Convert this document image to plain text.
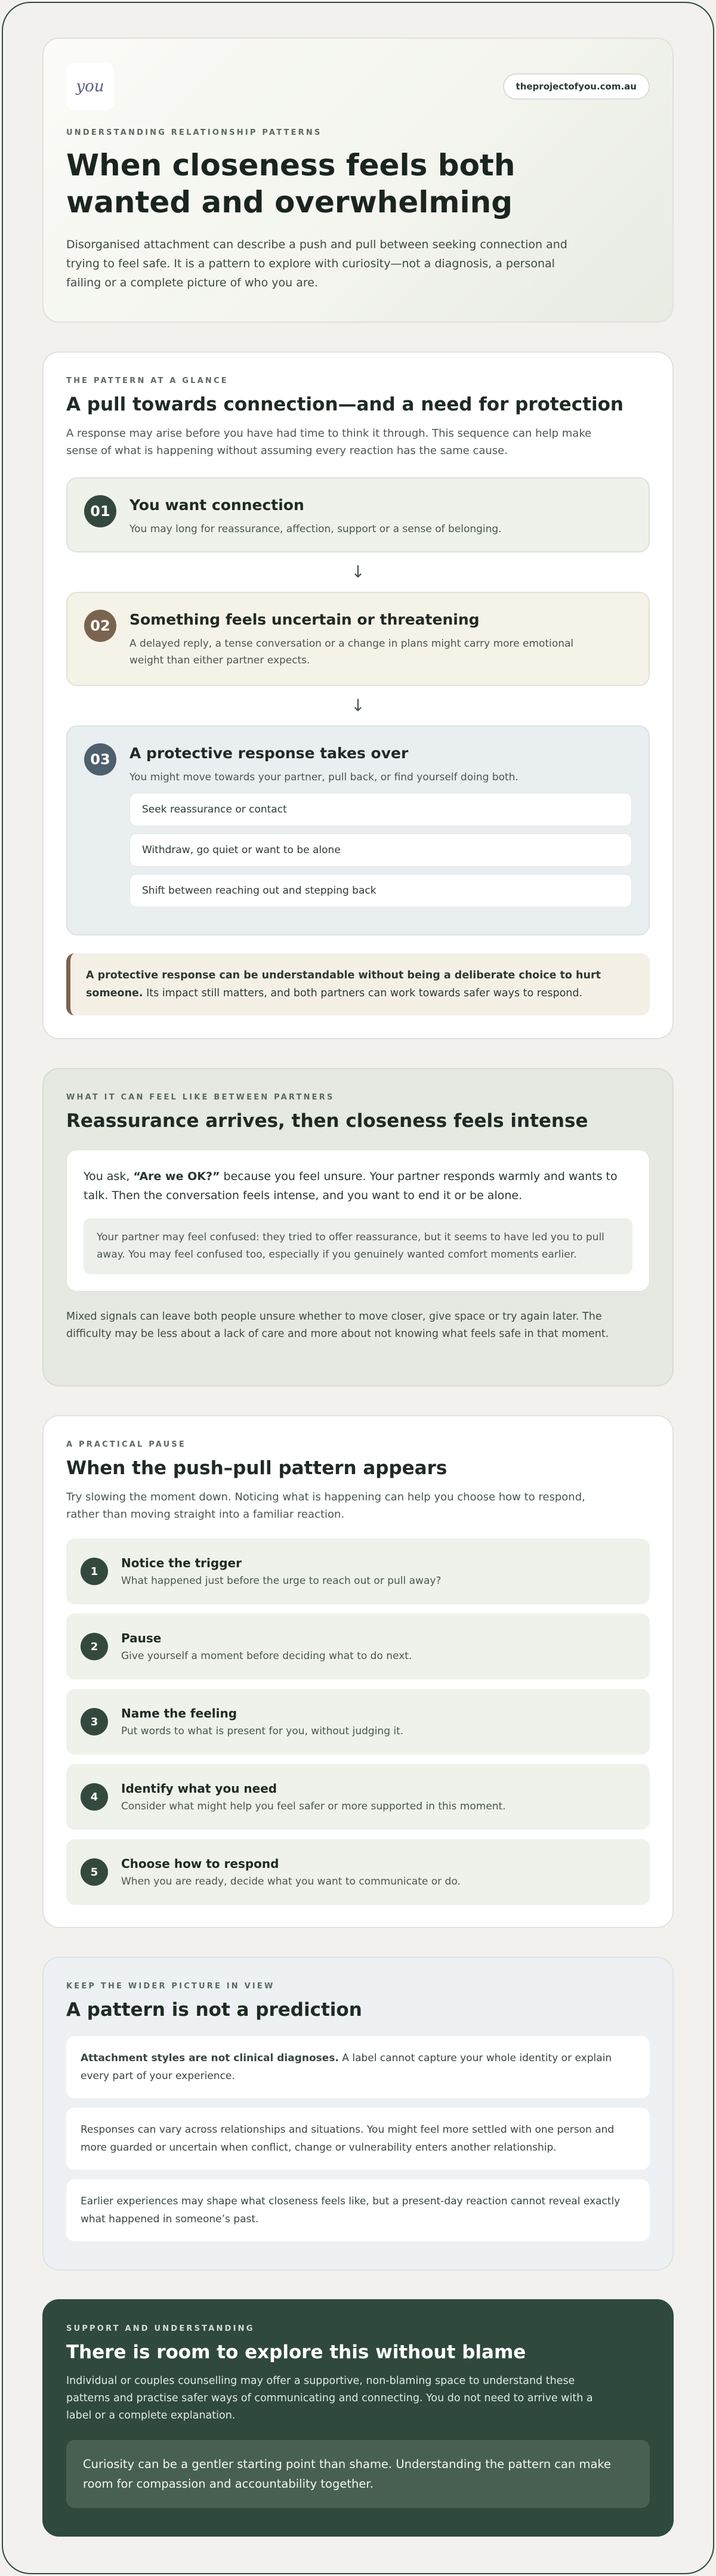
you	theprojectofyou.com.au
UNDERSTANDING RELATIONSHIP PATTERNS
When closeness feels both wanted and overwhelming

Disorganised attachment can describe a push and pull between seeking connection and trying to feel safe. It is a pattern to explore with curiosity—not a diagnosis, a personal failing or a complete picture of who you are.

THE PATTERN AT A GLANCE
A pull towards connection—and a need for protection

A response may arise before you have had time to think it through. This sequence can help make sense of what is happening without assuming every reaction has the same cause.

01	You want connection

You may long for reassurance, affection, support or a sense of belonging.

↓
02	Something feels uncertain or threatening

A delayed reply, a tense conversation or a change in plans might carry more emotional weight than either partner expects.

↓
03	A protective response takes over

You might move towards your partner, pull back, or find yourself doing both.

Seek reassurance or contact
Withdraw, go quiet or want to be alone
Shift between reaching out and stepping back
A protective response can be understandable without being a deliberate choice to hurt someone. Its impact still matters, and both partners can work towards safer ways to respond.
WHAT IT CAN FEEL LIKE BETWEEN PARTNERS
Reassurance arrives, then closeness feels intense

You ask, “Are we OK?” because you feel unsure. Your partner responds warmly and wants to talk. Then the conversation feels intense, and you want to end it or be alone.

Your partner may feel confused: they tried to offer reassurance, but it seems to have led you to pull away. You may feel confused too, especially if you genuinely wanted comfort moments earlier.

Mixed signals can leave both people unsure whether to move closer, give space or try again later. The difficulty may be less about a lack of care and more about not knowing what feels safe in that moment.

A PRACTICAL PAUSE
When the push–pull pattern appears

Try slowing the moment down. Noticing what is happening can help you choose how to respond, rather than moving straight into a familiar reaction.

1
Notice the trigger

What happened just before the urge to reach out or pull away?

2
Pause

Give yourself a moment before deciding what to do next.

3
Name the feeling

Put words to what is present for you, without judging it.

4
Identify what you need

Consider what might help you feel safer or more supported in this moment.

5
Choose how to respond

When you are ready, decide what you want to communicate or do.

KEEP THE WIDER PICTURE IN VIEW
A pattern is not a prediction
Attachment styles are not clinical diagnoses. A label cannot capture your whole identity or explain every part of your experience.
Responses can vary across relationships and situations. You might feel more settled with one person and more guarded or uncertain when conflict, change or vulnerability enters another relationship.
Earlier experiences may shape what closeness feels like, but a present-day reaction cannot reveal exactly what happened in someone’s past.
SUPPORT AND UNDERSTANDING
There is room to explore this without blame

Individual or couples counselling may offer a supportive, non-blaming space to understand these patterns and practise safer ways of communicating and connecting. You do not need to arrive with a label or a complete explanation.

Curiosity can be a gentler starting point than shame. Understanding the pattern can make room for compassion and accountability together.
